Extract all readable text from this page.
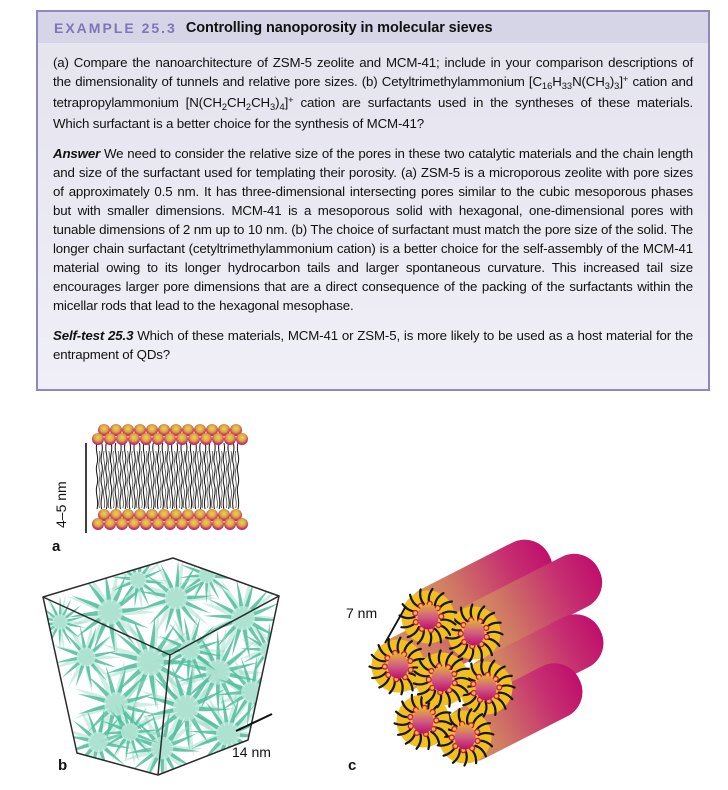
EXAMPLE 25.3 Controlling nanoporosity in molecular sieves

(a) Compare the nanoarchitecture of ZSM-5 zeolite and MCM-41; include in your comparison descriptions of the dimensionality of tunnels and relative pore sizes. (b) Cetyltrimethylammonium $[C_{16}H_{33}N(CH_3)_3]^+$ cation and tetrapropylammonium $[N(CH_2CH_2CH_3)_4]^+$ cation are surfactants used in the syntheses of these materials. Which surfactant is a better choice for the synthesis of MCM-41?

Answer We need to consider the relative size of the pores in these two catalytic materials and the chain length and size of the surfactant used for templating their porosity. (a) ZSM-5 is a microporous zeolite with pore sizes of approximately 0.5 nm. It has three-dimensional intersecting pores similar to the cubic mesoporous phases but with smaller dimensions. MCM-41 is a mesoporous solid with hexagonal, one-dimensional pores with tunable dimensions of 2 nm up to 10 nm. (b) The choice of surfactant must match the pore size of the solid. The longer chain surfactant (cetyltrimethylammonium cation) is a better choice for the self-assembly of the MCM-41 material owing to its longer hydrocarbon tails and larger spontaneous curvature. This increased tail size encourages larger pore dimensions that are a direct consequence of the packing of the surfactants within the micellar rods that lead to the hexagonal mesophase.

Self-test 25.3 Which of these materials, MCM-41 or ZSM-5, is more likely to be used as a host material for the entrapment of QDs?

4–5 nm
a
14 nm
b
7 nm
c
